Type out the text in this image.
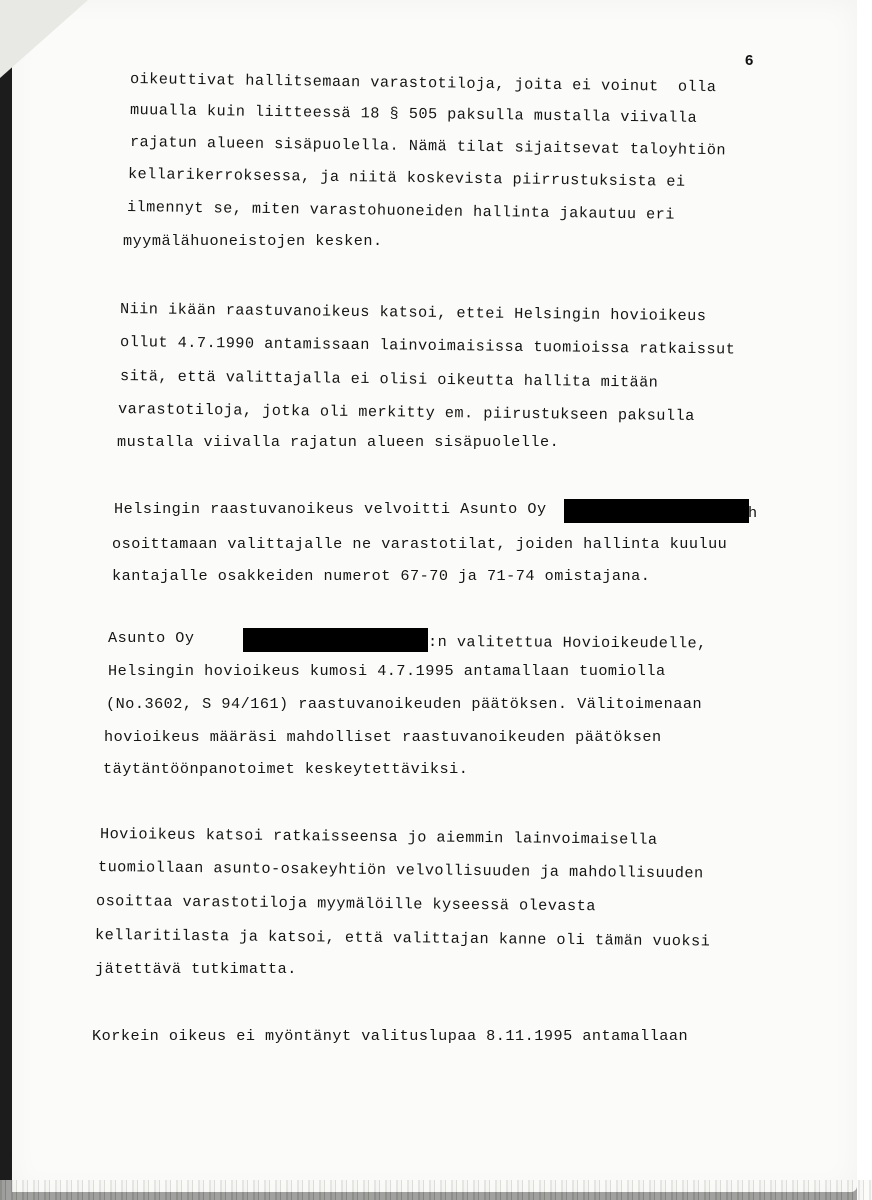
6
oikeuttivat hallitsemaan varastotiloja, joita ei voinut  olla
muualla kuin liitteessä 18 § 505 paksulla mustalla viivalla
rajatun alueen sisäpuolella. Nämä tilat sijaitsevat taloyhtiön
kellarikerroksessa, ja niitä koskevista piirrustuksista ei
ilmennyt se, miten varastohuoneiden hallinta jakautuu eri
myymälähuoneistojen kesken.
Niin ikään raastuvanoikeus katsoi, ettei Helsingin hovioikeus
ollut 4.7.1990 antamissaan lainvoimaisissa tuomioissa ratkaissut
sitä, että valittajalla ei olisi oikeutta hallita mitään
varastotiloja, jotka oli merkitty em. piirustukseen paksulla
mustalla viivalla rajatun alueen sisäpuolelle.
Helsingin raastuvanoikeus velvoitti Asunto Oy	h
osoittamaan valittajalle ne varastotilat, joiden hallinta kuuluu
kantajalle osakkeiden numerot 67-70 ja 71-74 omistajana.
Asunto Oy	:n valitettua Hovioikeudelle,
Helsingin hovioikeus kumosi 4.7.1995 antamallaan tuomiolla
(No.3602, S 94/161) raastuvanoikeuden päätöksen. Välitoimenaan
hovioikeus määräsi mahdolliset raastuvanoikeuden päätöksen
täytäntöönpanotoimet keskeytettäviksi.
Hovioikeus katsoi ratkaisseensa jo aiemmin lainvoimaisella
tuomiollaan asunto-osakeyhtiön velvollisuuden ja mahdollisuuden
osoittaa varastotiloja myymälöille kyseessä olevasta
kellaritilasta ja katsoi, että valittajan kanne oli tämän vuoksi
jätettävä tutkimatta.
Korkein oikeus ei myöntänyt valituslupaa 8.11.1995 antamallaan
